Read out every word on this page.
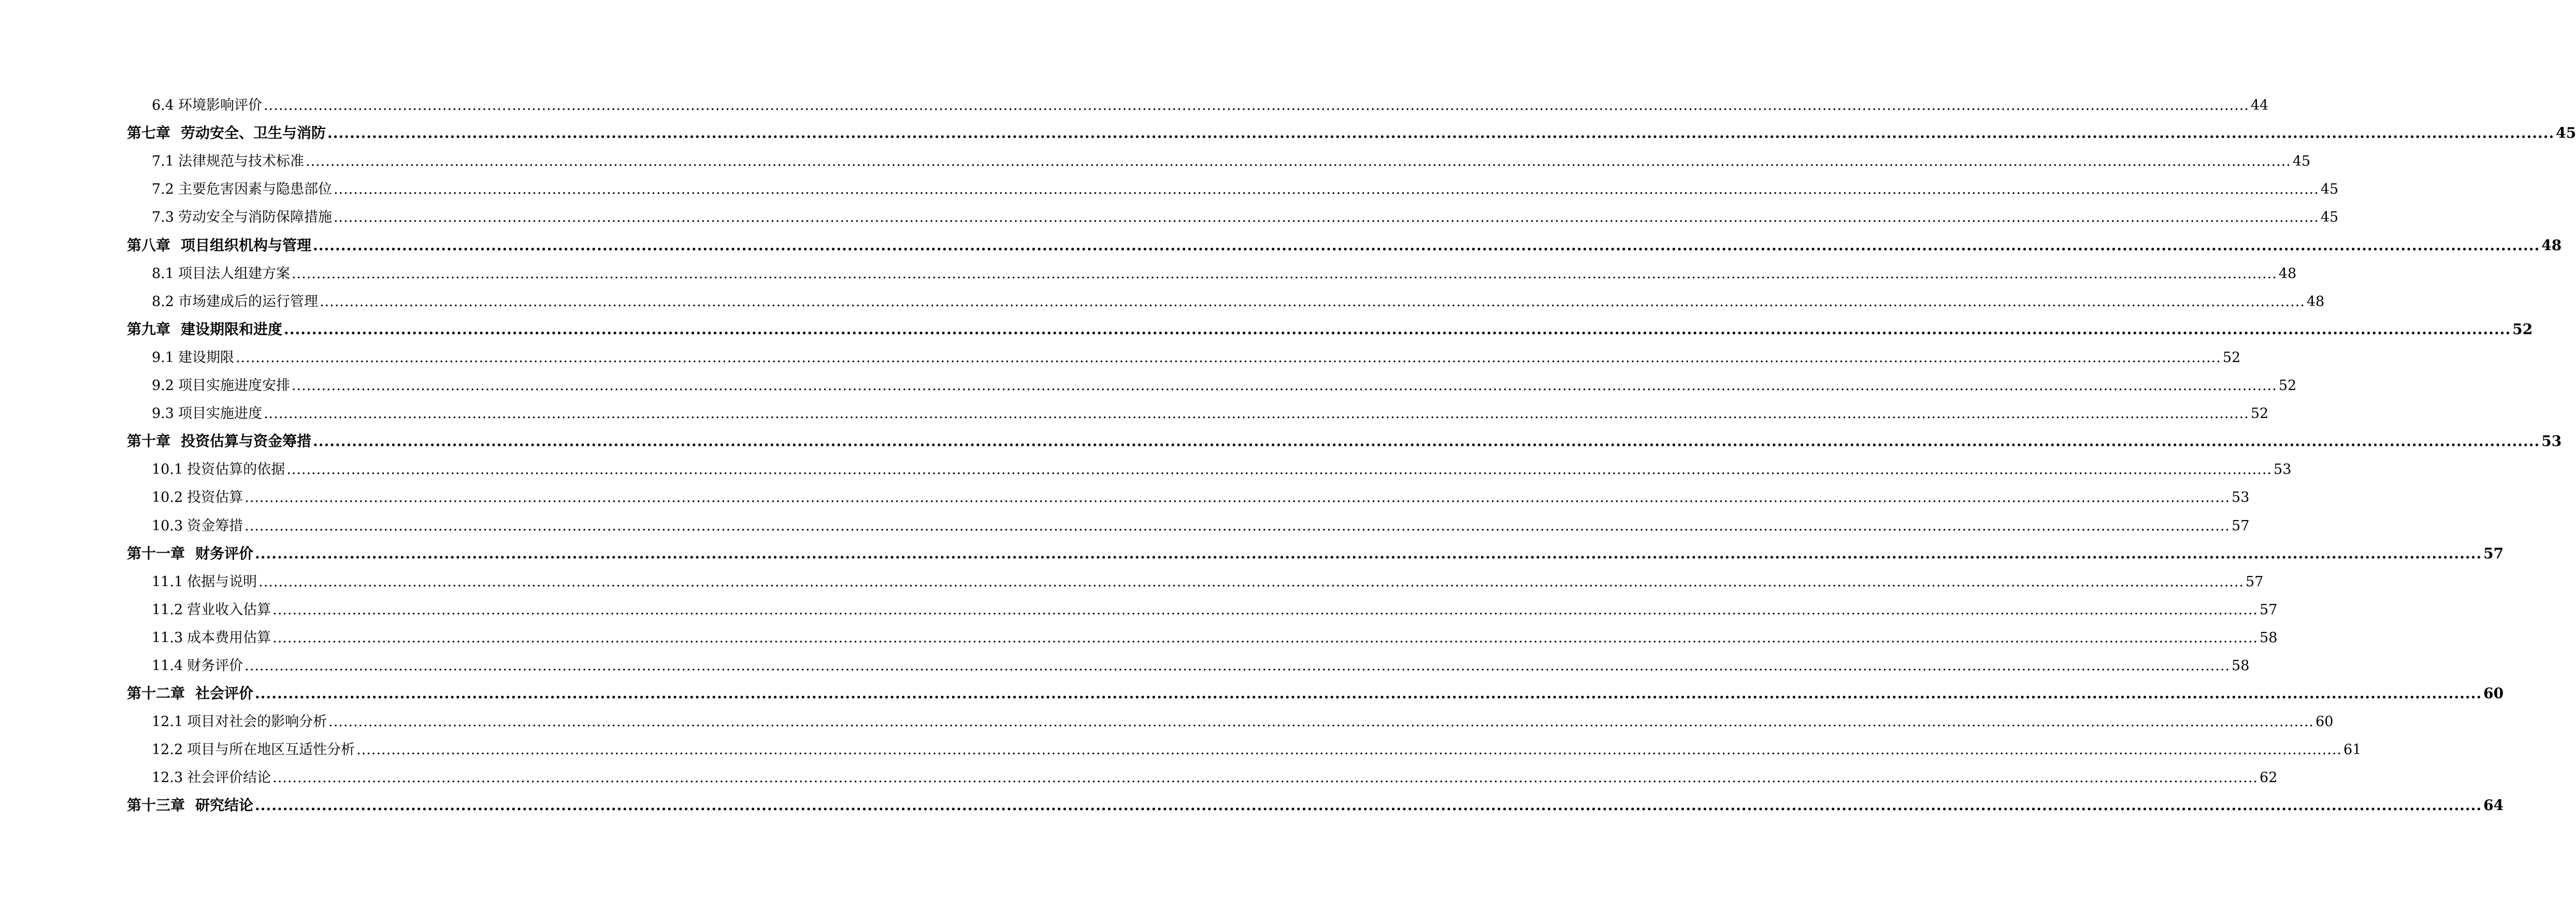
6.4 环境影响评价 ................................................................................................................................................................................................................................................................................................................................................................................................................ 44
第七章 劳动安全、卫生与消防 ................................................................................................................................................................................................................................................................................................................................................................................................................ 45
7.1 法律规范与技术标准 ................................................................................................................................................................................................................................................................................................................................................................................................................ 45
7.2 主要危害因素与隐患部位 ................................................................................................................................................................................................................................................................................................................................................................................................................ 45
7.3 劳动安全与消防保障措施 ................................................................................................................................................................................................................................................................................................................................................................................................................ 45
第八章 项目组织机构与管理 ................................................................................................................................................................................................................................................................................................................................................................................................................ 48
8.1 项目法人组建方案 ................................................................................................................................................................................................................................................................................................................................................................................................................ 48
8.2 市场建成后的运行管理 ................................................................................................................................................................................................................................................................................................................................................................................................................ 48
第九章 建设期限和进度 ................................................................................................................................................................................................................................................................................................................................................................................................................ 52
9.1 建设期限 ................................................................................................................................................................................................................................................................................................................................................................................................................ 52
9.2 项目实施进度安排 ................................................................................................................................................................................................................................................................................................................................................................................................................ 52
9.3 项目实施进度 ................................................................................................................................................................................................................................................................................................................................................................................................................ 52
第十章 投资估算与资金筹措 ................................................................................................................................................................................................................................................................................................................................................................................................................ 53
10.1 投资估算的依据 ................................................................................................................................................................................................................................................................................................................................................................................................................ 53
10.2 投资估算 ................................................................................................................................................................................................................................................................................................................................................................................................................ 53
10.3 资金筹措 ................................................................................................................................................................................................................................................................................................................................................................................................................ 57
第十一章 财务评价 ................................................................................................................................................................................................................................................................................................................................................................................................................ 57
11.1 依据与说明 ................................................................................................................................................................................................................................................................................................................................................................................................................ 57
11.2 营业收入估算 ................................................................................................................................................................................................................................................................................................................................................................................................................ 57
11.3 成本费用估算 ................................................................................................................................................................................................................................................................................................................................................................................................................ 58
11.4 财务评价 ................................................................................................................................................................................................................................................................................................................................................................................................................ 58
第十二章 社会评价 ................................................................................................................................................................................................................................................................................................................................................................................................................ 60
12.1 项目对社会的影响分析 ................................................................................................................................................................................................................................................................................................................................................................................................................ 60
12.2 项目与所在地区互适性分析 ................................................................................................................................................................................................................................................................................................................................................................................................................ 61
12.3 社会评价结论 ................................................................................................................................................................................................................................................................................................................................................................................................................ 62
第十三章 研究结论 ................................................................................................................................................................................................................................................................................................................................................................................................................ 64
